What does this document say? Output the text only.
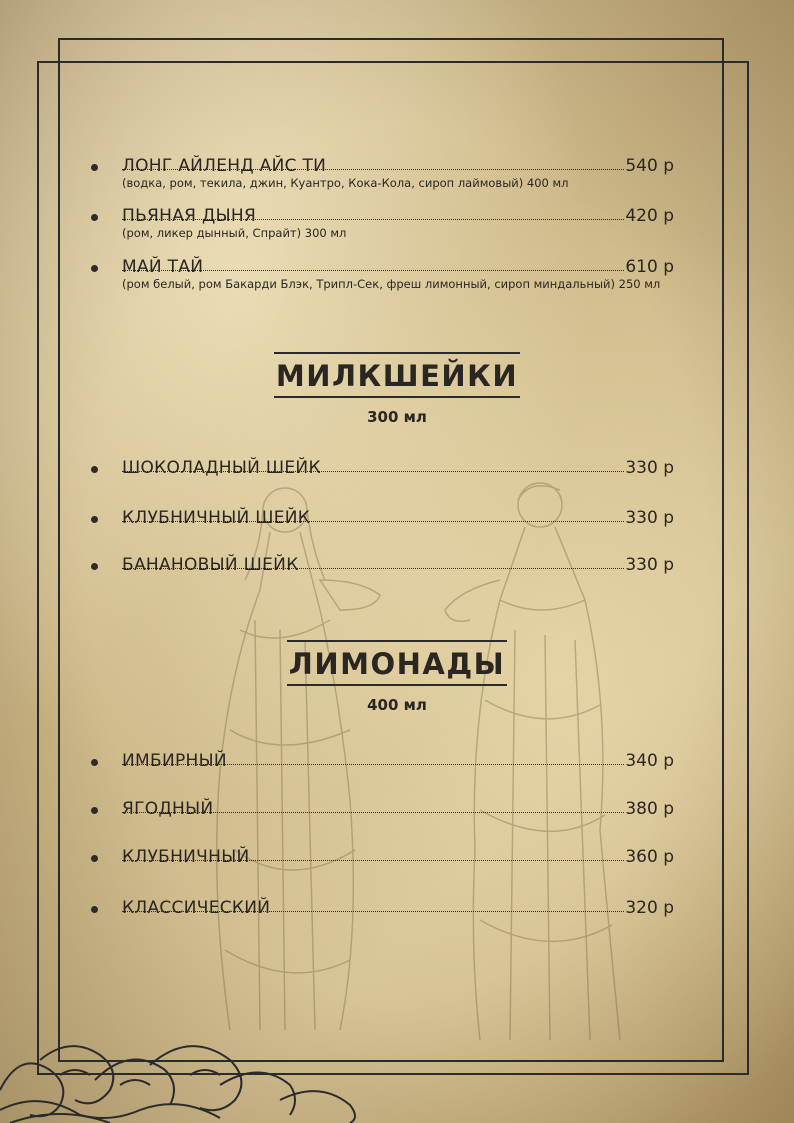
ЛОНГ АЙЛЕНД АЙС ТИ	540 р
(водка, ром, текила, джин, Куантро, Кока-Кола, сироп лаймовый) 400 мл
ПЬЯНАЯ ДЫНЯ	420 р
(ром, ликер дынный, Спрайт) 300 мл
МАЙ ТАЙ	610 р
(ром белый, ром Бакарди Блэк, Трипл-Сек, фреш лимонный, сироп миндальный) 250 мл
МИЛКШЕЙКИ
300 мл
ШОКОЛАДНЫЙ ШЕЙК	330 р
КЛУБНИЧНЫЙ ШЕЙК	330 р
БАНАНОВЫЙ ШЕЙК	330 р
ЛИМОНАДЫ
400 мл
ИМБИРНЫЙ	340 р
ЯГОДНЫЙ	380 р
КЛУБНИЧНЫЙ	360 р
КЛАССИЧЕСКИЙ	320 р
